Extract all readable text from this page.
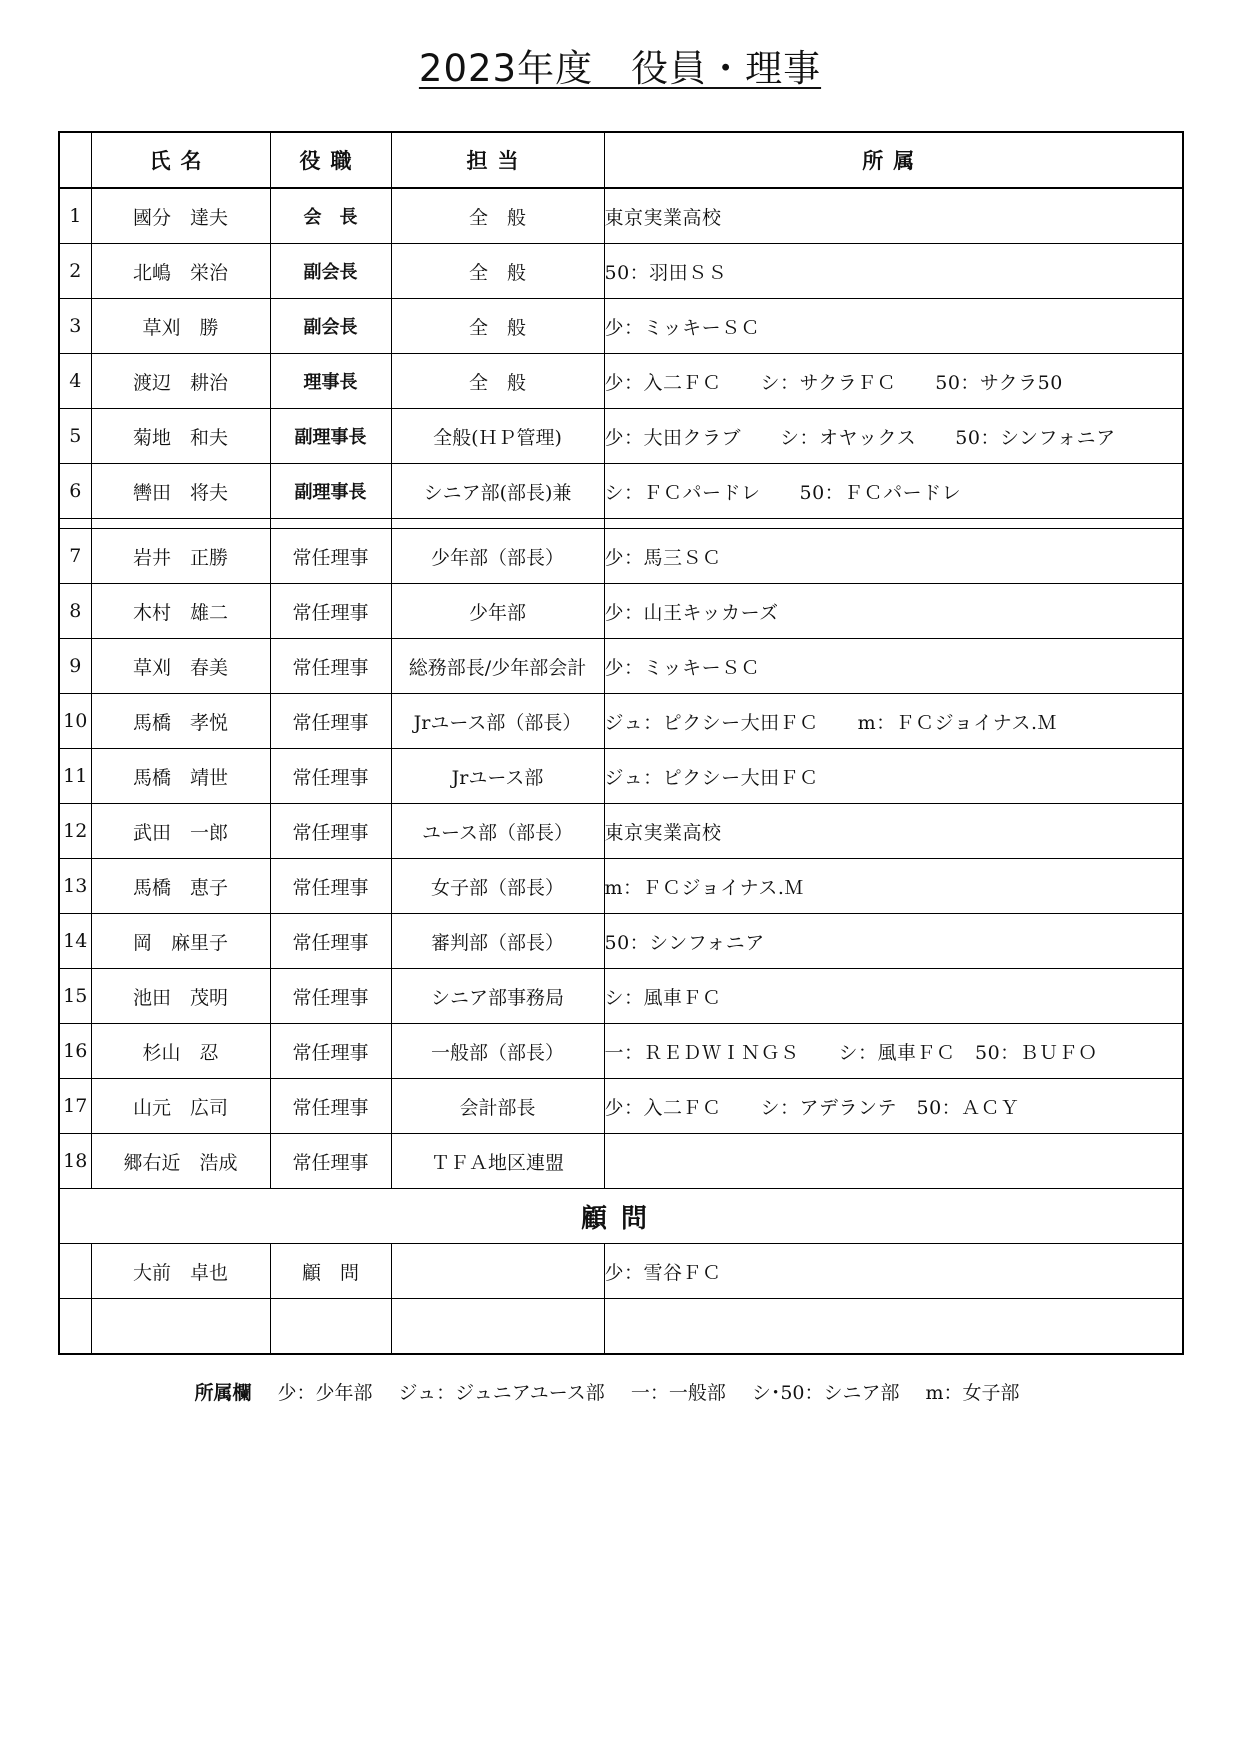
2023年度　役員・理事
	氏名	役職	担当	所属
1	國分　達夫	会　長	全　般	東京実業高校
2	北嶋　栄治	副会長	全　般	50：羽田ＳＳ
3	草刈　勝	副会長	全　般	少：ミッキーＳＣ
4	渡辺　耕治	理事長	全　般	少：入二ＦＣ　　シ：サクラＦＣ　　50：サクラ50
5	菊地　和夫	副理事長	全般(ＨＰ管理)	少：大田クラブ　　シ：オヤックス　　50：シンフォニア
6	轡田　将夫	副理事長	シニア部(部長)兼	シ：ＦＣパードレ　　50：ＦＣパードレ

7	岩井　正勝	常任理事	少年部（部長）	少：馬三ＳＣ
8	木村　雄二	常任理事	少年部	少：山王キッカーズ
9	草刈　春美	常任理事	総務部長/少年部会計	少：ミッキーＳＣ
10	馬橋　孝悦	常任理事	Jrユース部（部長）	ジュ：ピクシー大田ＦＣ　　m：ＦＣジョイナス.Ｍ
11	馬橋　靖世	常任理事	Jrユース部	ジュ：ピクシー大田ＦＣ
12	武田　一郎	常任理事	ユース部（部長）	東京実業高校
13	馬橋　恵子	常任理事	女子部（部長）	m：ＦＣジョイナス.Ｍ
14	岡　麻里子	常任理事	審判部（部長）	50：シンフォニア
15	池田　茂明	常任理事	シニア部事務局	シ：風車ＦＣ
16	杉山　忍	常任理事	一般部（部長）	一：ＲＥＤＷＩＮＧＳ　　シ：風車ＦＣ　50：ＢＵＦＯ
17	山元　広司	常任理事	会計部長	少：入二ＦＣ　　シ：アデランテ　50：ＡＣＹ
18	郷右近　浩成	常任理事	ＴＦＡ地区連盟	
顧問				
	大前　卓也	顧　問		少：雪谷ＦＣ

所属欄 少：少年部 ジュ：ジュニアユース部 一：一般部 シ･50：シニア部 m：女子部
